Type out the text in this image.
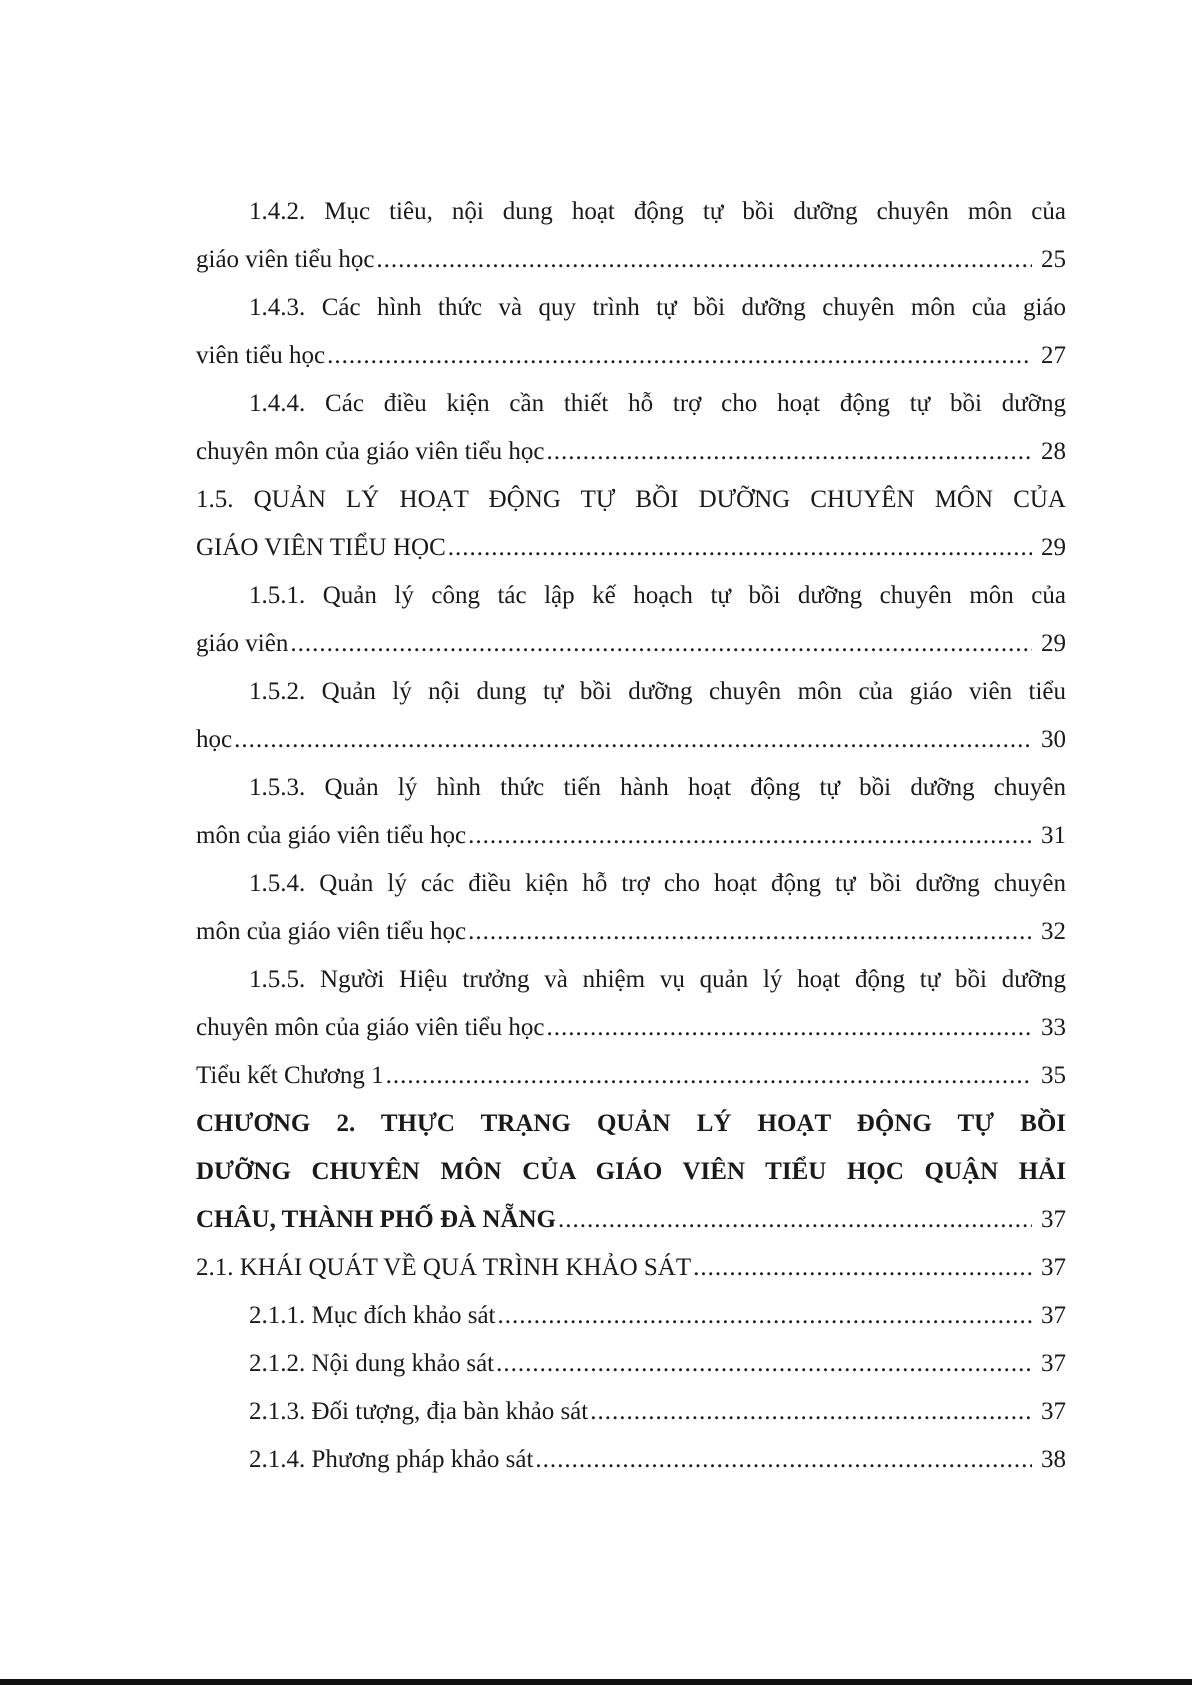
1.4.2. Mục tiêu, nội dung hoạt động tự bồi dưỡng chuyên môn của
giáo viên tiểu học .....	25
1.4.3. Các hình thức và quy trình tự bồi dưỡng chuyên môn của giáo
viên tiểu học .....	27
1.4.4. Các điều kiện cần thiết hỗ trợ cho hoạt động tự bồi dưỡng
chuyên môn của giáo viên tiểu học .....	28
1.5. QUẢN LÝ HOẠT ĐỘNG TỰ BỒI DƯỠNG CHUYÊN MÔN CỦA
GIÁO VIÊN TIỂU HỌC .....	29
1.5.1. Quản lý công tác lập kế hoạch tự bồi dưỡng chuyên môn của
giáo viên .....	29
1.5.2. Quản lý nội dung tự bồi dưỡng chuyên môn của giáo viên tiểu
học .....	30
1.5.3. Quản lý hình thức tiến hành hoạt động tự bồi dưỡng chuyên
môn của giáo viên tiểu học .....	31
1.5.4. Quản lý các điều kiện hỗ trợ cho hoạt động tự bồi dưỡng chuyên
môn của giáo viên tiểu học .....	32
1.5.5. Người Hiệu trưởng và nhiệm vụ quản lý hoạt động tự bồi dưỡng
chuyên môn của giáo viên tiểu học .....	33
Tiểu kết Chương 1 .....	35
CHƯƠNG 2. THỰC TRẠNG QUẢN LÝ HOẠT ĐỘNG TỰ BỒI
DƯỠNG CHUYÊN MÔN CỦA GIÁO VIÊN TIỂU HỌC QUẬN HẢI
CHÂU, THÀNH PHỐ ĐÀ NẴNG .....	37
2.1. KHÁI QUÁT VỀ QUÁ TRÌNH KHẢO SÁT .....	37
2.1.1. Mục đích khảo sát .....	37
2.1.2. Nội dung khảo sát .....	37
2.1.3. Đối tượng, địa bàn khảo sát .....	37
2.1.4. Phương pháp khảo sát .....	38
